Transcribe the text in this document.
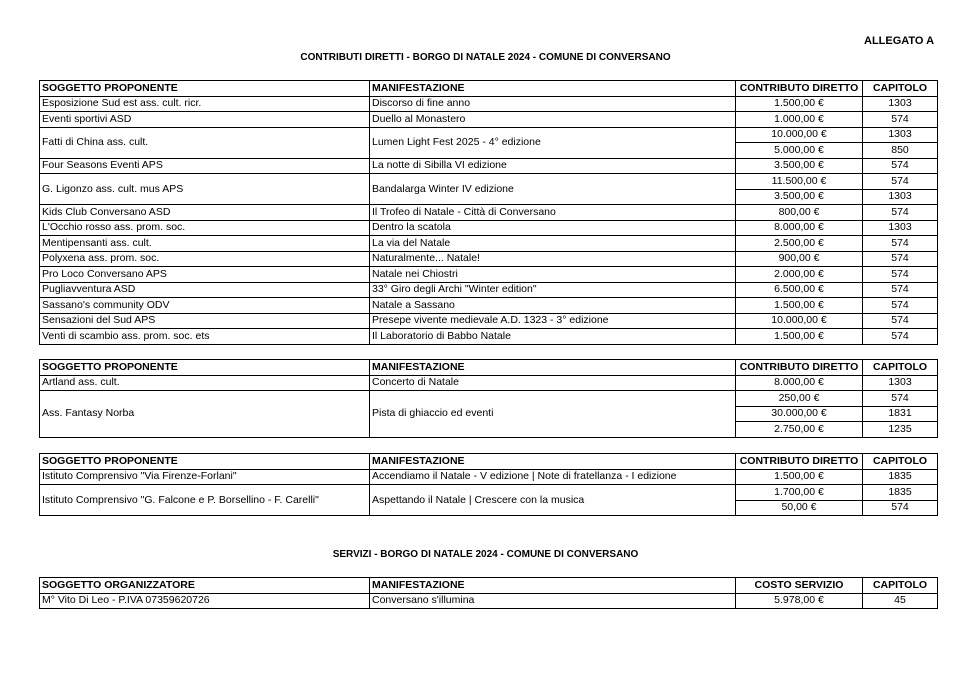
ALLEGATO A
CONTRIBUTI DIRETTI - BORGO DI NATALE 2024 - COMUNE DI CONVERSANO
SOGGETTO PROPONENTE	MANIFESTAZIONE	CONTRIBUTO DIRETTO	CAPITOLO
Esposizione Sud est ass. cult. ricr.	Discorso di fine anno	1.500,00 €	1303
Eventi sportivi ASD	Duello al Monastero	1.000,00 €	574
Fatti di China ass. cult.	Lumen Light Fest 2025 - 4° edizione	10.000,00 €	1303
		5.000,00 €	850
Four Seasons Eventi APS	La notte di Sibilla VI edizione	3.500,00 €	574
G. Ligonzo ass. cult. mus APS	Bandalarga Winter IV edizione	11.500,00 €	574
		3.500,00 €	1303
Kids Club Conversano ASD	Il Trofeo di Natale - Città di Conversano	800,00 €	574
L'Occhio rosso ass. prom. soc.	Dentro la scatola	8.000,00 €	1303
Mentipensanti ass. cult.	La via del Natale	2.500,00 €	574
Polyxena ass. prom. soc.	Naturalmente... Natale!	900,00 €	574
Pro Loco Conversano APS	Natale nei Chiostri	2.000,00 €	574
Pugliavventura ASD	33° Giro degli Archi "Winter edition"	6.500,00 €	574
Sassano's community ODV	Natale a Sassano	1.500,00 €	574
Sensazioni del Sud APS	Presepe vivente medievale A.D. 1323 - 3° edizione	10.000,00 €	574
Venti di scambio ass. prom. soc. ets	Il Laboratorio di Babbo Natale	1.500,00 €	574
SOGGETTO PROPONENTE	MANIFESTAZIONE	CONTRIBUTO DIRETTO	CAPITOLO
Artland ass. cult.	Concerto di Natale	8.000,00 €	1303
Ass. Fantasy Norba	Pista di ghiaccio ed eventi	250,00 €	574
		30.000,00 €	1831
		2.750,00 €	1235
SOGGETTO PROPONENTE	MANIFESTAZIONE	CONTRIBUTO DIRETTO	CAPITOLO
Istituto Comprensivo "Via Firenze-Forlani"	Accendiamo il Natale - V edizione | Note di fratellanza - I edizione	1.500,00 €	1835
Istituto Comprensivo "G. Falcone e P. Borsellino - F. Carelli"	Aspettando il Natale | Crescere con la musica	1.700,00 €	1835
		50,00 €	574
SERVIZI - BORGO DI NATALE 2024 - COMUNE DI CONVERSANO
SOGGETTO ORGANIZZATORE	MANIFESTAZIONE	COSTO SERVIZIO	CAPITOLO
M° Vito Di Leo - P.IVA 07359620726	Conversano s'illumina	5.978,00 €	45
